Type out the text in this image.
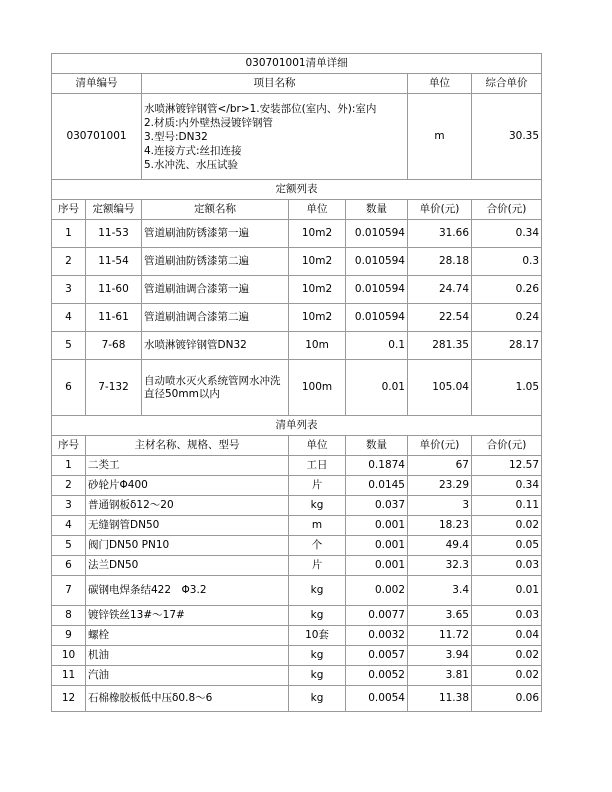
030701001清单详细						
清单编号		项目名称			单位	综合单价
030701001		水喷淋镀锌钢管</br>1.安装部位(室内、外):室内
2.材质:内外壁热浸镀锌钢管
3.型号:DN32
4.连接方式:丝扣连接
5.水冲洗、水压试验			m	30.35
定额列表						
序号	定额编号	定额名称	单位	数量	单价(元)	合价(元)
1	11-53	管道刷油防锈漆第一遍	10m2	0.010594	31.66	0.34
2	11-54	管道刷油防锈漆第二遍	10m2	0.010594	28.18	0.3
3	11-60	管道刷油调合漆第一遍	10m2	0.010594	24.74	0.26
4	11-61	管道刷油调合漆第二遍	10m2	0.010594	22.54	0.24
5	7-68	水喷淋镀锌钢管DN32	10m	0.1	281.35	28.17
6	7-132	自动喷水灭火系统管网水冲洗直径50mm以内	100m	0.01	105.04	1.05
清单列表						
序号	主材名称、规格、型号		单位	数量	单价(元)	合价(元)
1	二类工		工日	0.1874	67	12.57
2	砂轮片Φ400		片	0.0145	23.29	0.34
3	普通钢板δ12～20		kg	0.037	3	0.11
4	无缝钢管DN50		m	0.001	18.23	0.02
5	阀门DN50 PN10		个	0.001	49.4	0.05
6	法兰DN50		片	0.001	32.3	0.03
7	碳钢电焊条结422　Φ3.2		kg	0.002	3.4	0.01
8	镀锌铁丝13#～17#		kg	0.0077	3.65	0.03
9	螺栓		10套	0.0032	11.72	0.04
10	机油		kg	0.0057	3.94	0.02
11	汽油		kg	0.0052	3.81	0.02
12	石棉橡胶板低中压δ0.8～6		kg	0.0054	11.38	0.06
